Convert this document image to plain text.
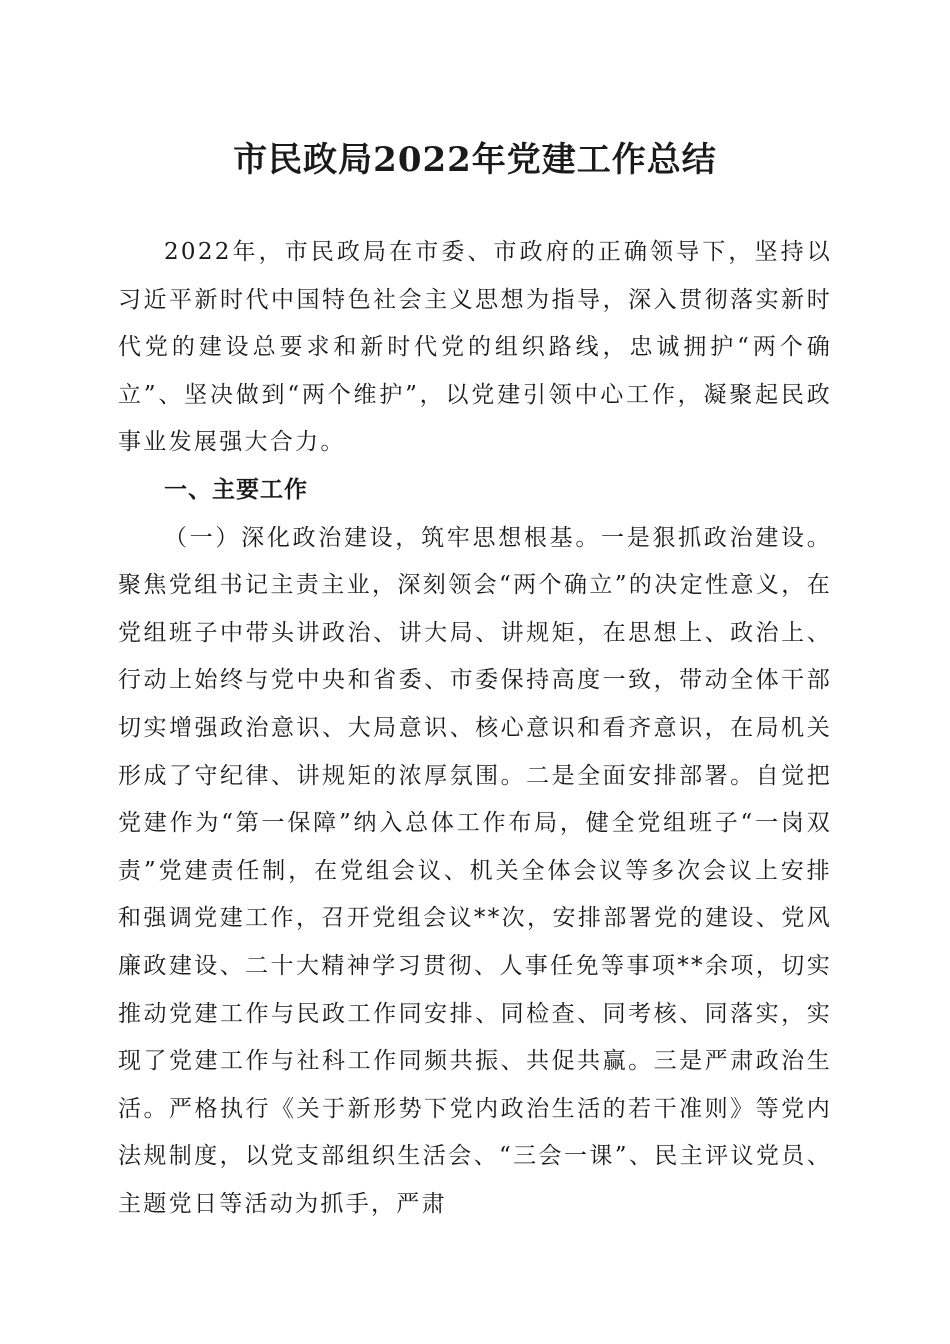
市民政局2022年党建工作总结

2022年，市民政局在市委、市政府的正确领导下，坚持以习近平新时代中国特色社会主义思想为指导，深入贯彻落实新时代党的建设总要求和新时代党的组织路线，忠诚拥护“两个确立”、坚决做到“两个维护”，以党建引领中心工作，凝聚起民政事业发展强大合力。

一、主要工作

（一）深化政治建设，筑牢思想根基。一是狠抓政治建设。聚焦党组书记主责主业，深刻领会“两个确立”的决定性意义，在党组班子中带头讲政治、讲大局、讲规矩，在思想上、政治上、行动上始终与党中央和省委、市委保持高度一致，带动全体干部切实增强政治意识、大局意识、核心意识和看齐意识，在局机关形成了守纪律、讲规矩的浓厚氛围。二是全面安排部署。自觉把党建作为“第一保障”纳入总体工作布局，健全党组班子“一岗双责”党建责任制，在党组会议、机关全体会议等多次会议上安排和强调党建工作，召开党组会议**次，安排部署党的建设、党风廉政建设、二十大精神学习贯彻、人事任免等事项**余项，切实推动党建工作与民政工作同安排、同检查、同考核、同落实，实现了党建工作与社科工作同频共振、共促共赢。三是严肃政治生活。严格执行《关于新形势下党内政治生活的若干准则》等党内法规制度，以党支部组织生活会、“三会一课”、民主评议党员、主题党日等活动为抓手，严肃
